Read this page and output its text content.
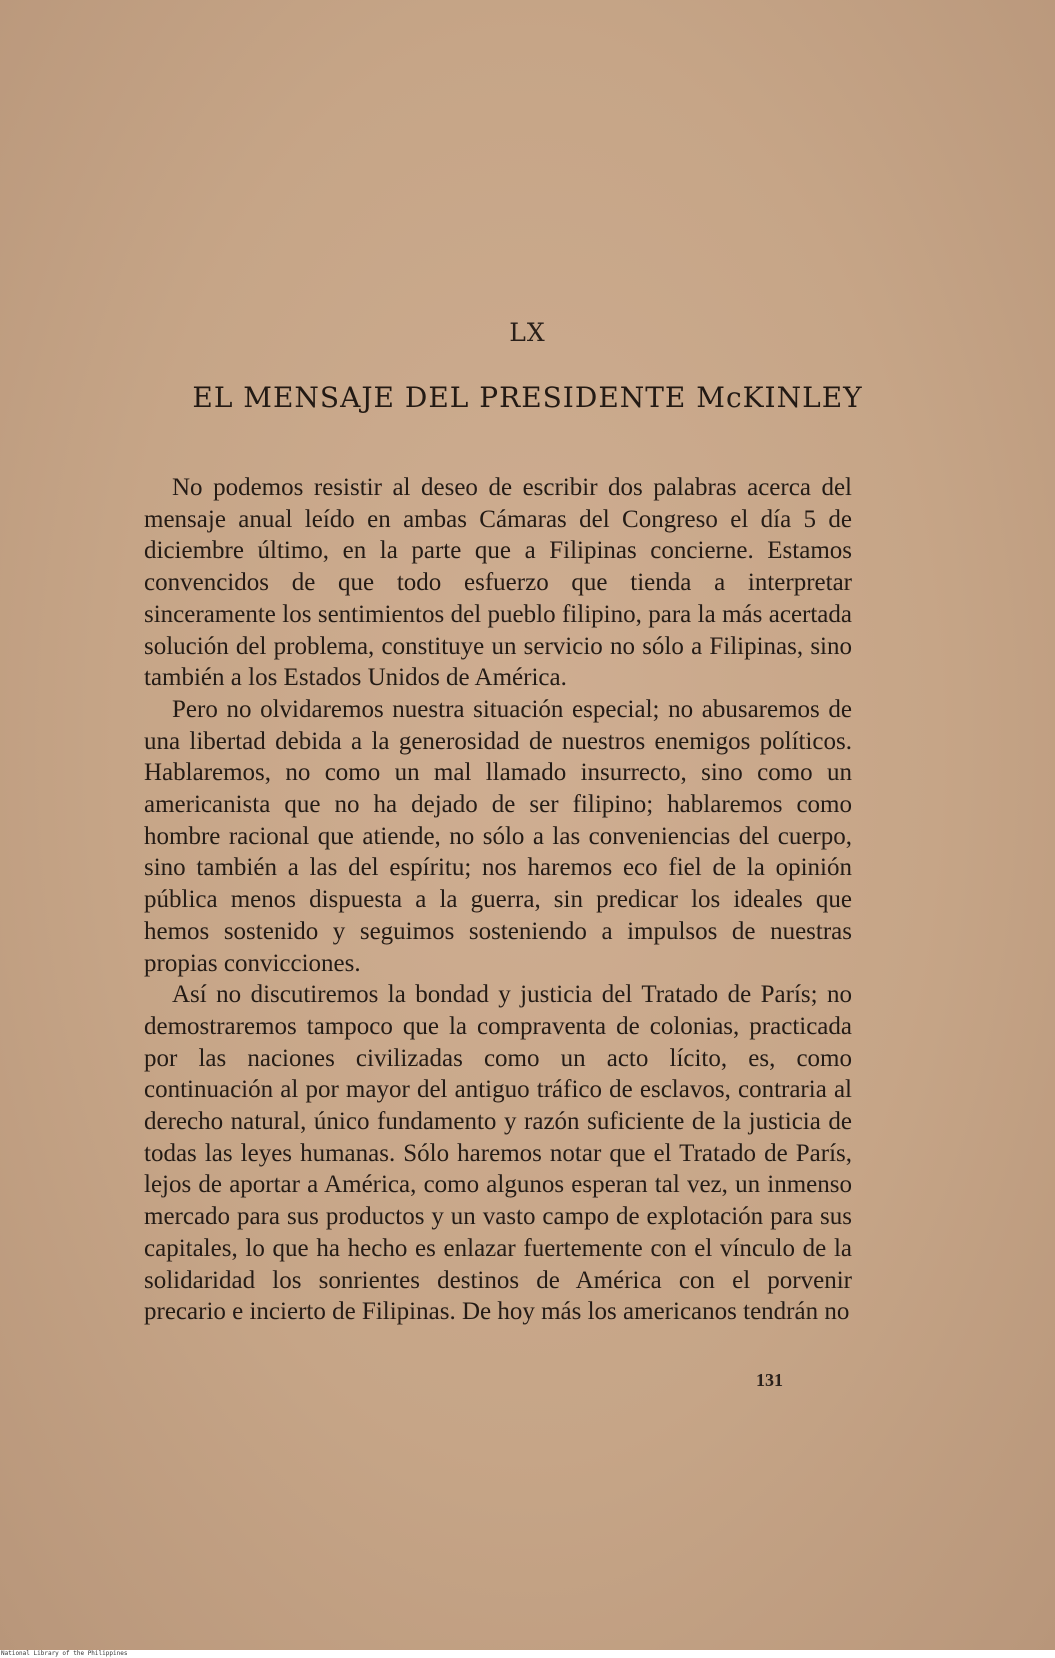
LX
EL MENSAJE DEL PRESIDENTE McKINLEY

No podemos resistir al deseo de escribir dos palabras acerca del mensaje anual leído en ambas Cámaras del Congreso el día 5 de diciembre último, en la parte que a Filipinas concierne. Estamos convencidos de que todo esfuerzo que tienda a interpretar sinceramente los sentimientos del pueblo filipino, para la más acertada solución del problema, constituye un servicio no sólo a Filipinas, sino también a los Estados Unidos de América.

Pero no olvidaremos nuestra situación especial; no abusaremos de una libertad debida a la generosidad de nuestros enemigos políticos. Hablaremos, no como un mal llamado insurrecto, sino como un americanista que no ha dejado de ser filipino; hablaremos como hombre racional que atiende, no sólo a las conveniencias del cuerpo, sino también a las del espíritu; nos haremos eco fiel de la opinión pública menos dispuesta a la guerra, sin predicar los ideales que hemos sostenido y seguimos sosteniendo a impulsos de nuestras propias convicciones.

Así no discutiremos la bondad y justicia del Tratado de París; no demostraremos tampoco que la compraventa de colonias, practicada por las naciones civilizadas como un acto lícito, es, como continuación al por mayor del antiguo tráfico de esclavos, contraria al derecho natural, único fundamento y razón suficiente de la justicia de todas las leyes humanas. Sólo haremos notar que el Tratado de París, lejos de aportar a América, como algunos esperan tal vez, un inmenso mercado para sus productos y un vasto campo de explotación para sus capitales, lo que ha hecho es enlazar fuertemente con el vínculo de la solidaridad los sonrientes destinos de América con el porvenir precario e incierto de Filipinas. De hoy más los americanos tendrán no

131
National Library of the Philippines
